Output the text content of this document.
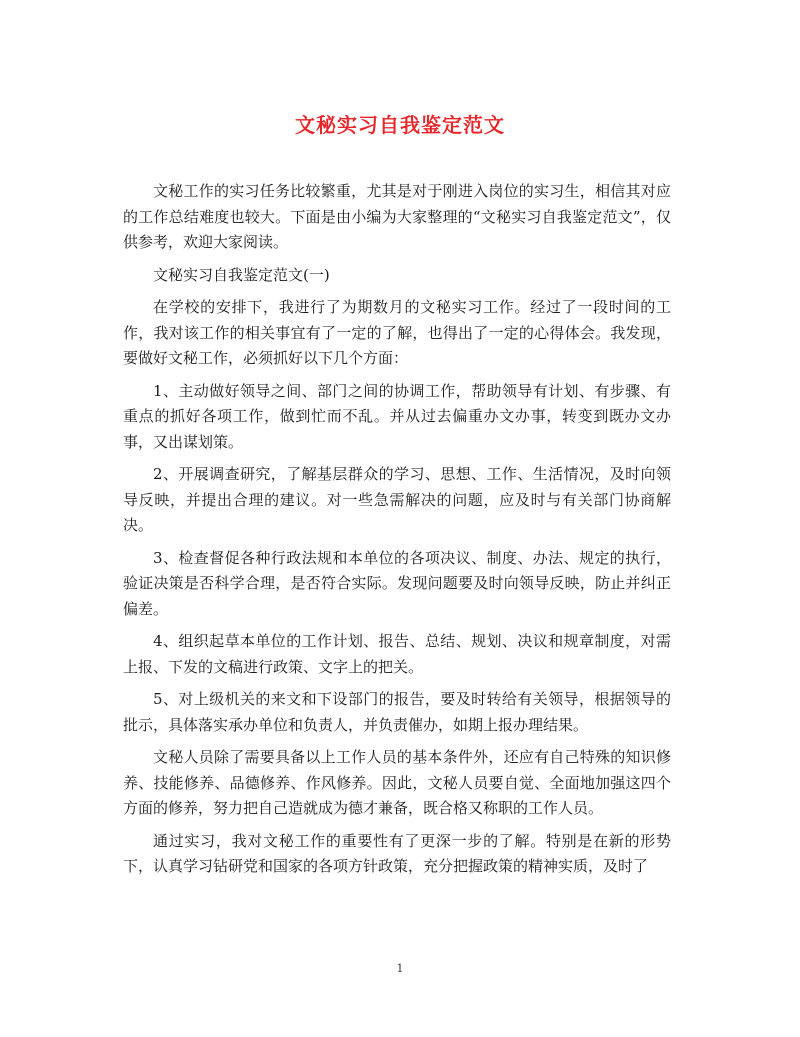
文秘实习自我鉴定范文

文秘工作的实习任务比较繁重，尤其是对于刚进入岗位的实习生，相信其对应的工作总结难度也较大。下面是由小编为大家整理的“文秘实习自我鉴定范文”，仅供参考，欢迎大家阅读。

文秘实习自我鉴定范文(一)

在学校的安排下，我进行了为期数月的文秘实习工作。经过了一段时间的工作，我对该工作的相关事宜有了一定的了解，也得出了一定的心得体会。我发现，要做好文秘工作，必须抓好以下几个方面：

1、主动做好领导之间、部门之间的协调工作，帮助领导有计划、有步骤、有重点的抓好各项工作，做到忙而不乱。并从过去偏重办文办事，转变到既办文办事，又出谋划策。

2、开展调查研究，了解基层群众的学习、思想、工作、生活情况，及时向领导反映，并提出合理的建议。对一些急需解决的问题，应及时与有关部门协商解决。

3、检查督促各种行政法规和本单位的各项决议、制度、办法、规定的执行，验证决策是否科学合理，是否符合实际。发现问题要及时向领导反映，防止并纠正偏差。

4、组织起草本单位的工作计划、报告、总结、规划、决议和规章制度，对需上报、下发的文稿进行政策、文字上的把关。

5、对上级机关的来文和下设部门的报告，要及时转给有关领导，根据领导的批示，具体落实承办单位和负责人，并负责催办，如期上报办理结果。

文秘人员除了需要具备以上工作人员的基本条件外，还应有自己特殊的知识修养、技能修养、品德修养、作风修养。因此，文秘人员要自觉、全面地加强这四个方面的修养，努力把自己造就成为德才兼备，既合格又称职的工作人员。

通过实习，我对文秘工作的重要性有了更深一步的了解。特别是在新的形势下，认真学习钻研党和国家的各项方针政策，充分把握政策的精神实质，及时了

1
